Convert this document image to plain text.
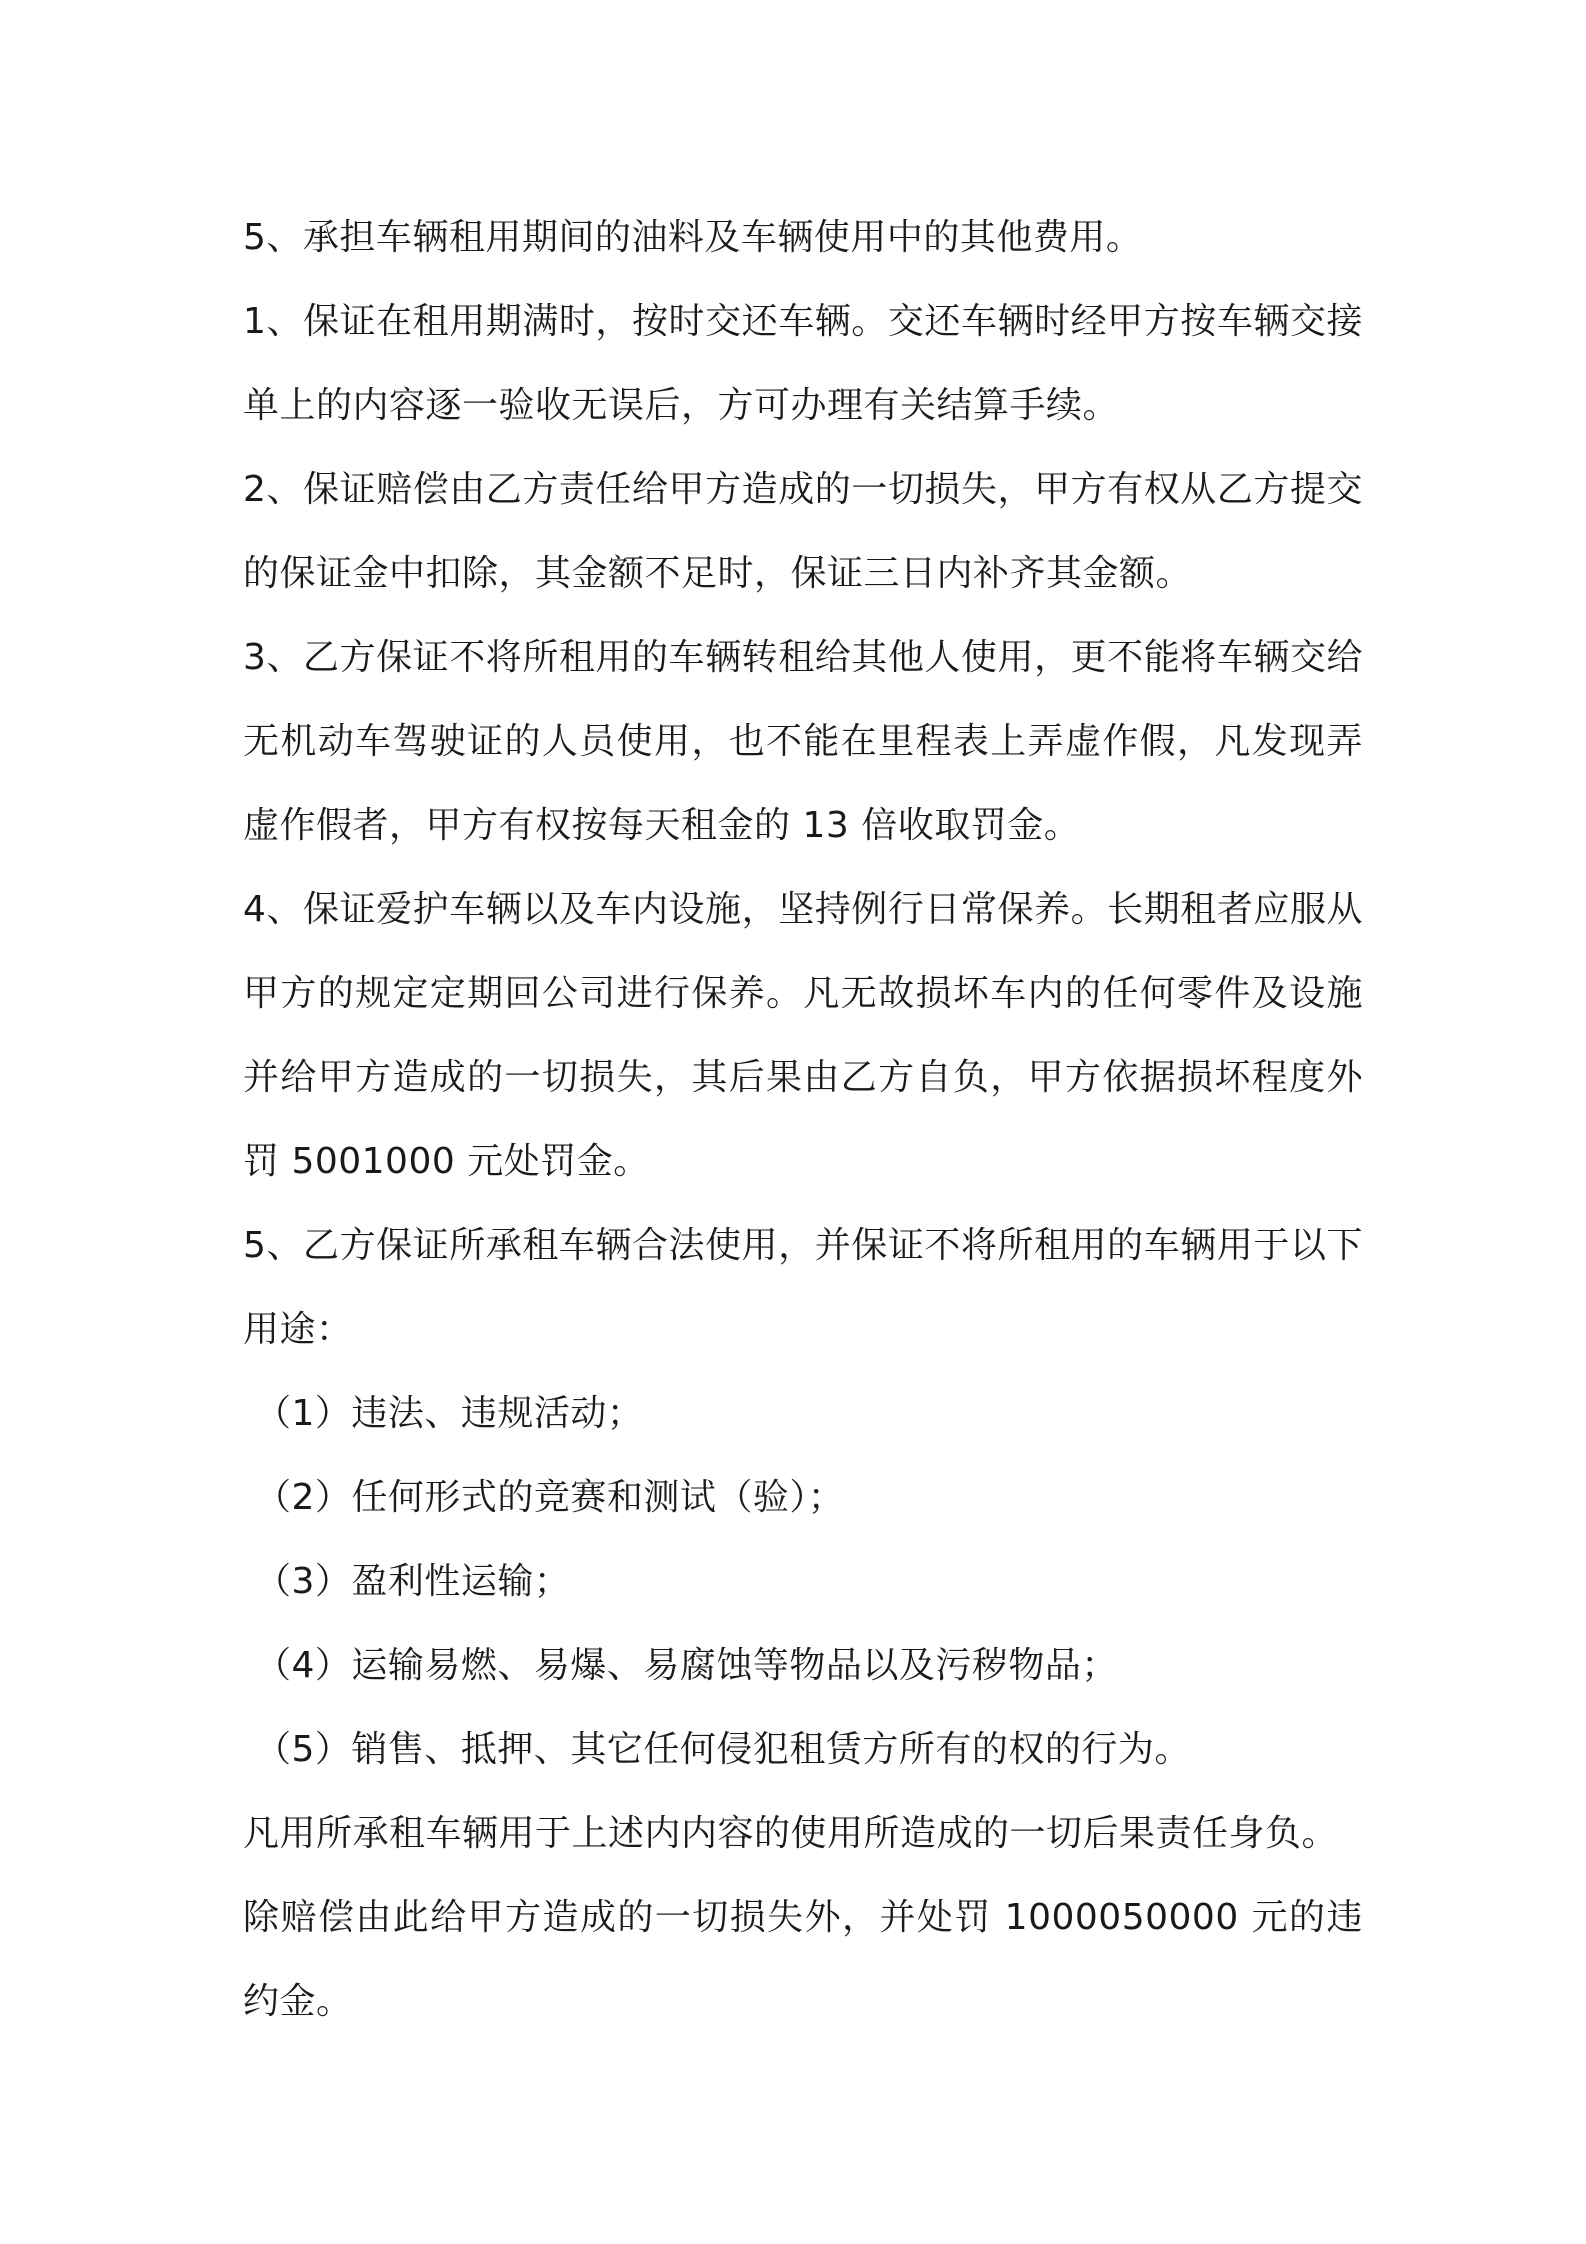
5、承担车辆租用期间的油料及车辆使用中的其他费用。

1、保证在租用期满时，按时交还车辆。交还车辆时经甲方按车辆交接单上的内容逐一验收无误后，方可办理有关结算手续。

2、保证赔偿由乙方责任给甲方造成的一切损失，甲方有权从乙方提交的保证金中扣除，其金额不足时，保证三日内补齐其金额。

3、乙方保证不将所租用的车辆转租给其他人使用，更不能将车辆交给无机动车驾驶证的人员使用，也不能在里程表上弄虚作假，凡发现弄虚作假者，甲方有权按每天租金的 13 倍收取罚金。

4、保证爱护车辆以及车内设施，坚持例行日常保养。长期租者应服从甲方的规定定期回公司进行保养。凡无故损坏车内的任何零件及设施并给甲方造成的一切损失，其后果由乙方自负，甲方依据损坏程度外罚 5001000 元处罚金。

5、乙方保证所承租车辆合法使用，并保证不将所租用的车辆用于以下用途：

（1）违法、违规活动；

（2）任何形式的竞赛和测试（验）；

（3）盈利性运输；

（4）运输易燃、易爆、易腐蚀等物品以及污秽物品；

（5）销售、抵押、其它任何侵犯租赁方所有的权的行为。

凡用所承租车辆用于上述内内容的使用所造成的一切后果责任身负。

除赔偿由此给甲方造成的一切损失外，并处罚 1000050000 元的违约金。
